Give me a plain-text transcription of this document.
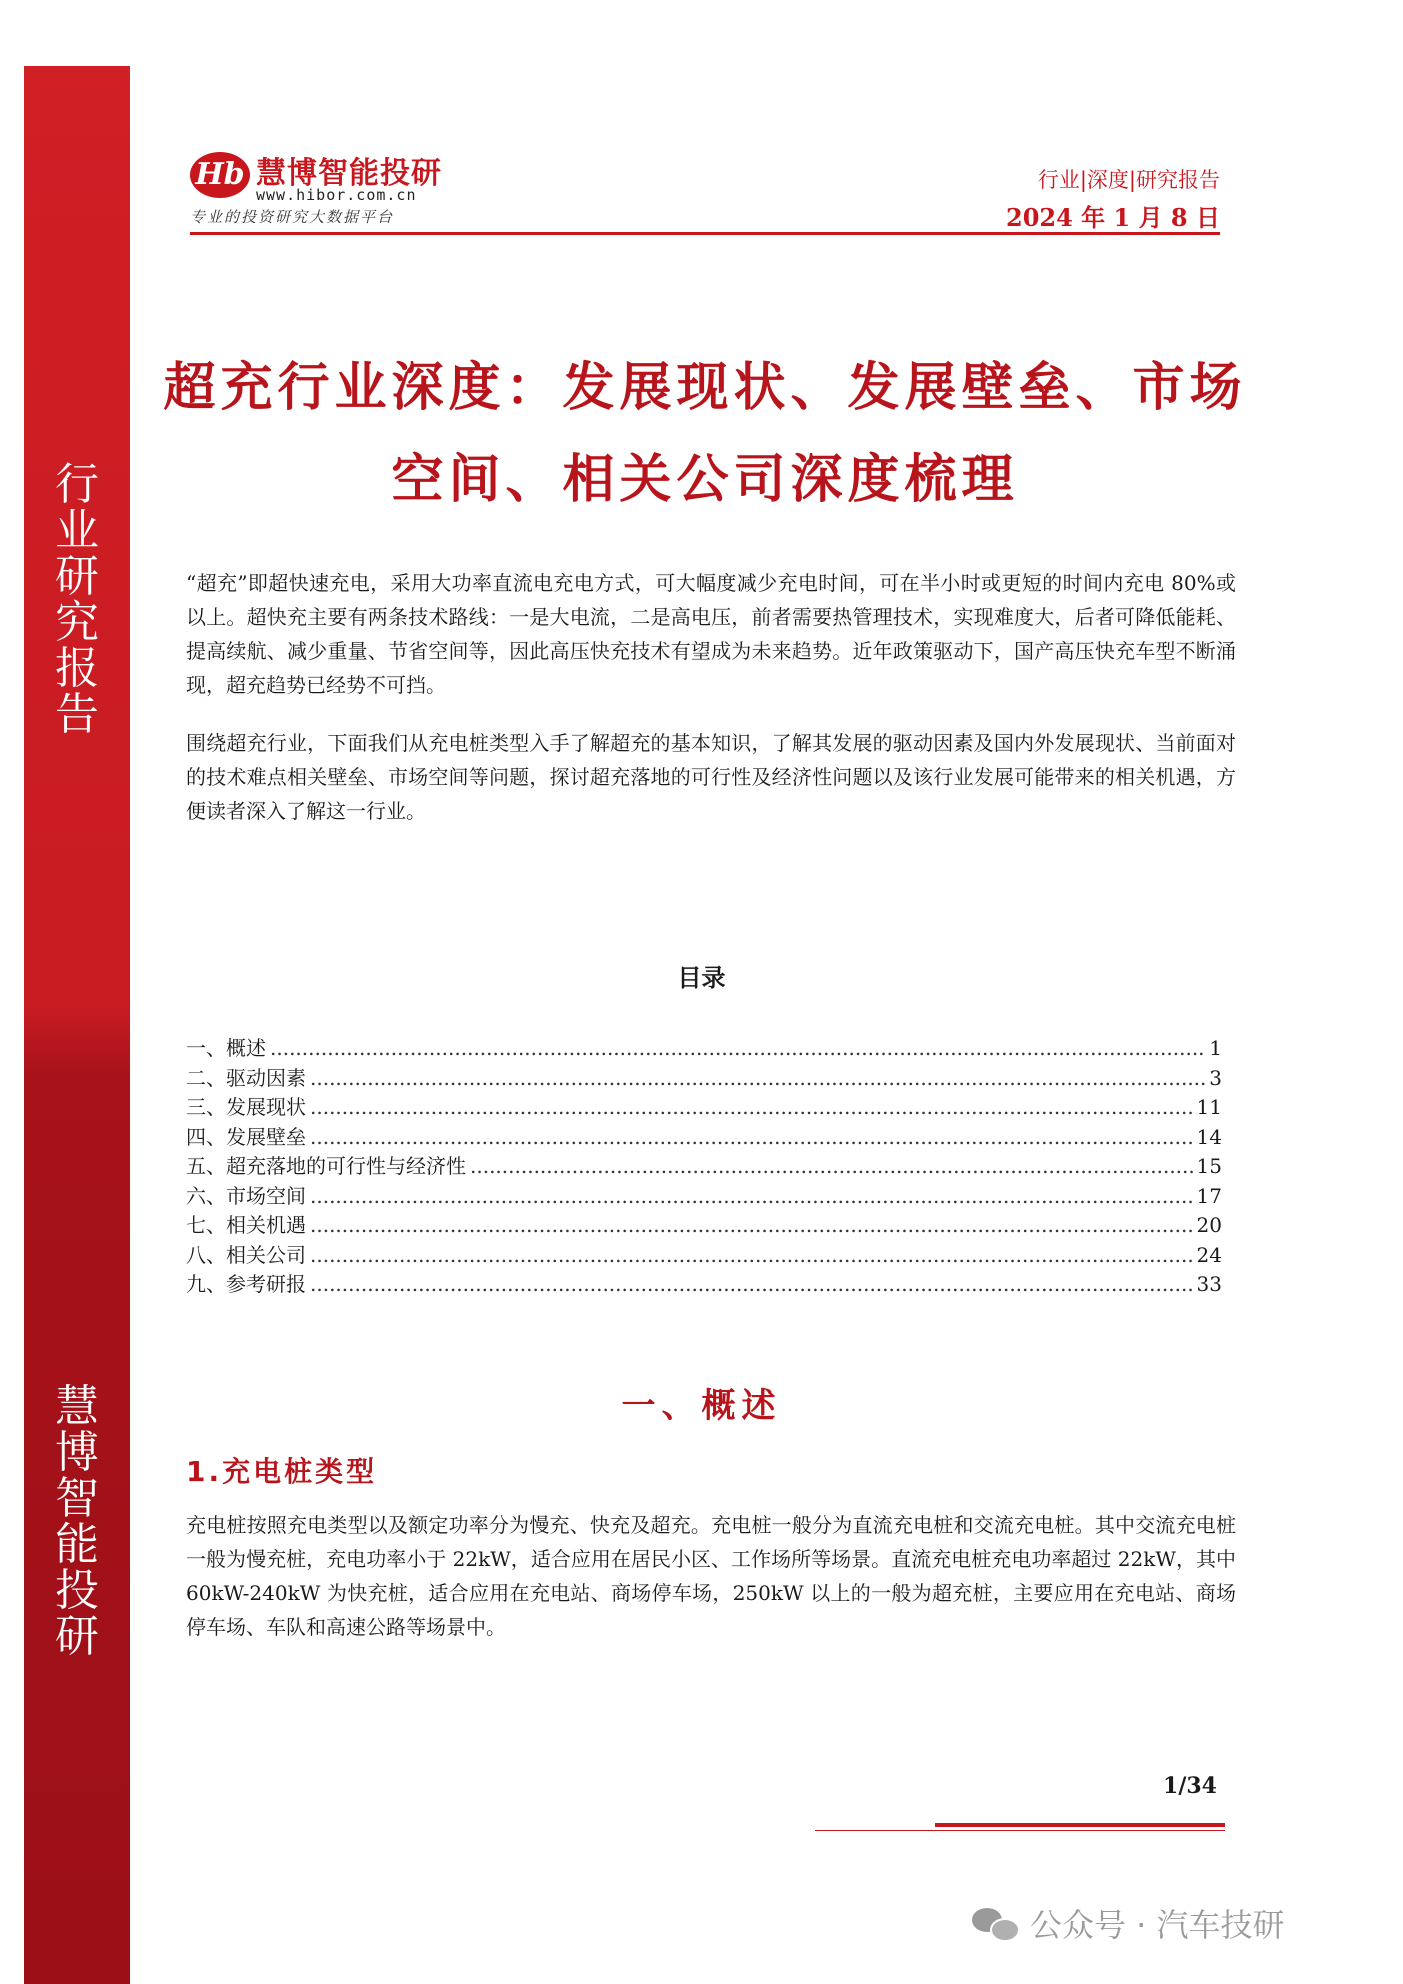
行业研究报告
慧博智能投研
Hb 慧博智能投研
www.hibor.com.cn
专业的投资研究大数据平台
行业|深度|研究报告
2024 年 1 月 8 日
超充行业深度：发展现状、发展壁垒、市场
空间、相关公司深度梳理

“超充”即超快速充电，采用大功率直流电充电方式，可大幅度减少充电时间，可在半小时或更短的时间内充电 80%或以上。超快充主要有两条技术路线：一是大电流，二是高电压，前者需要热管理技术，实现难度大，后者可降低能耗、提高续航、减少重量、节省空间等，因此高压快充技术有望成为未来趋势。近年政策驱动下，国产高压快充车型不断涌现，超充趋势已经势不可挡。

围绕超充行业，下面我们从充电桩类型入手了解超充的基本知识，了解其发展的驱动因素及国内外发展现状、当前面对的技术难点相关壁垒、市场空间等问题，探讨超充落地的可行性及经济性问题以及该行业发展可能带来的相关机遇，方便读者深入了解这一行业。

目录
一、概述 .....	1
二、驱动因素 .....	3
三、发展现状 .....	11
四、发展壁垒 .....	14
五、超充落地的可行性与经济性 .....	15
六、市场空间 .....	17
七、相关机遇 .....	20
八、相关公司 .....	24
九、参考研报 .....	33
一、概述
1.充电桩类型

充电桩按照充电类型以及额定功率分为慢充、快充及超充。充电桩一般分为直流充电桩和交流充电桩。其中交流充电桩一般为慢充桩，充电功率小于 22kW，适合应用在居民小区、工作场所等场景。直流充电桩充电功率超过 22kW，其中 60kW-240kW 为快充桩，适合应用在充电站、商场停车场，250kW 以上的一般为超充桩，主要应用在充电站、商场停车场、车队和高速公路等场景中。

1/34
公众号 · 汽车技研
